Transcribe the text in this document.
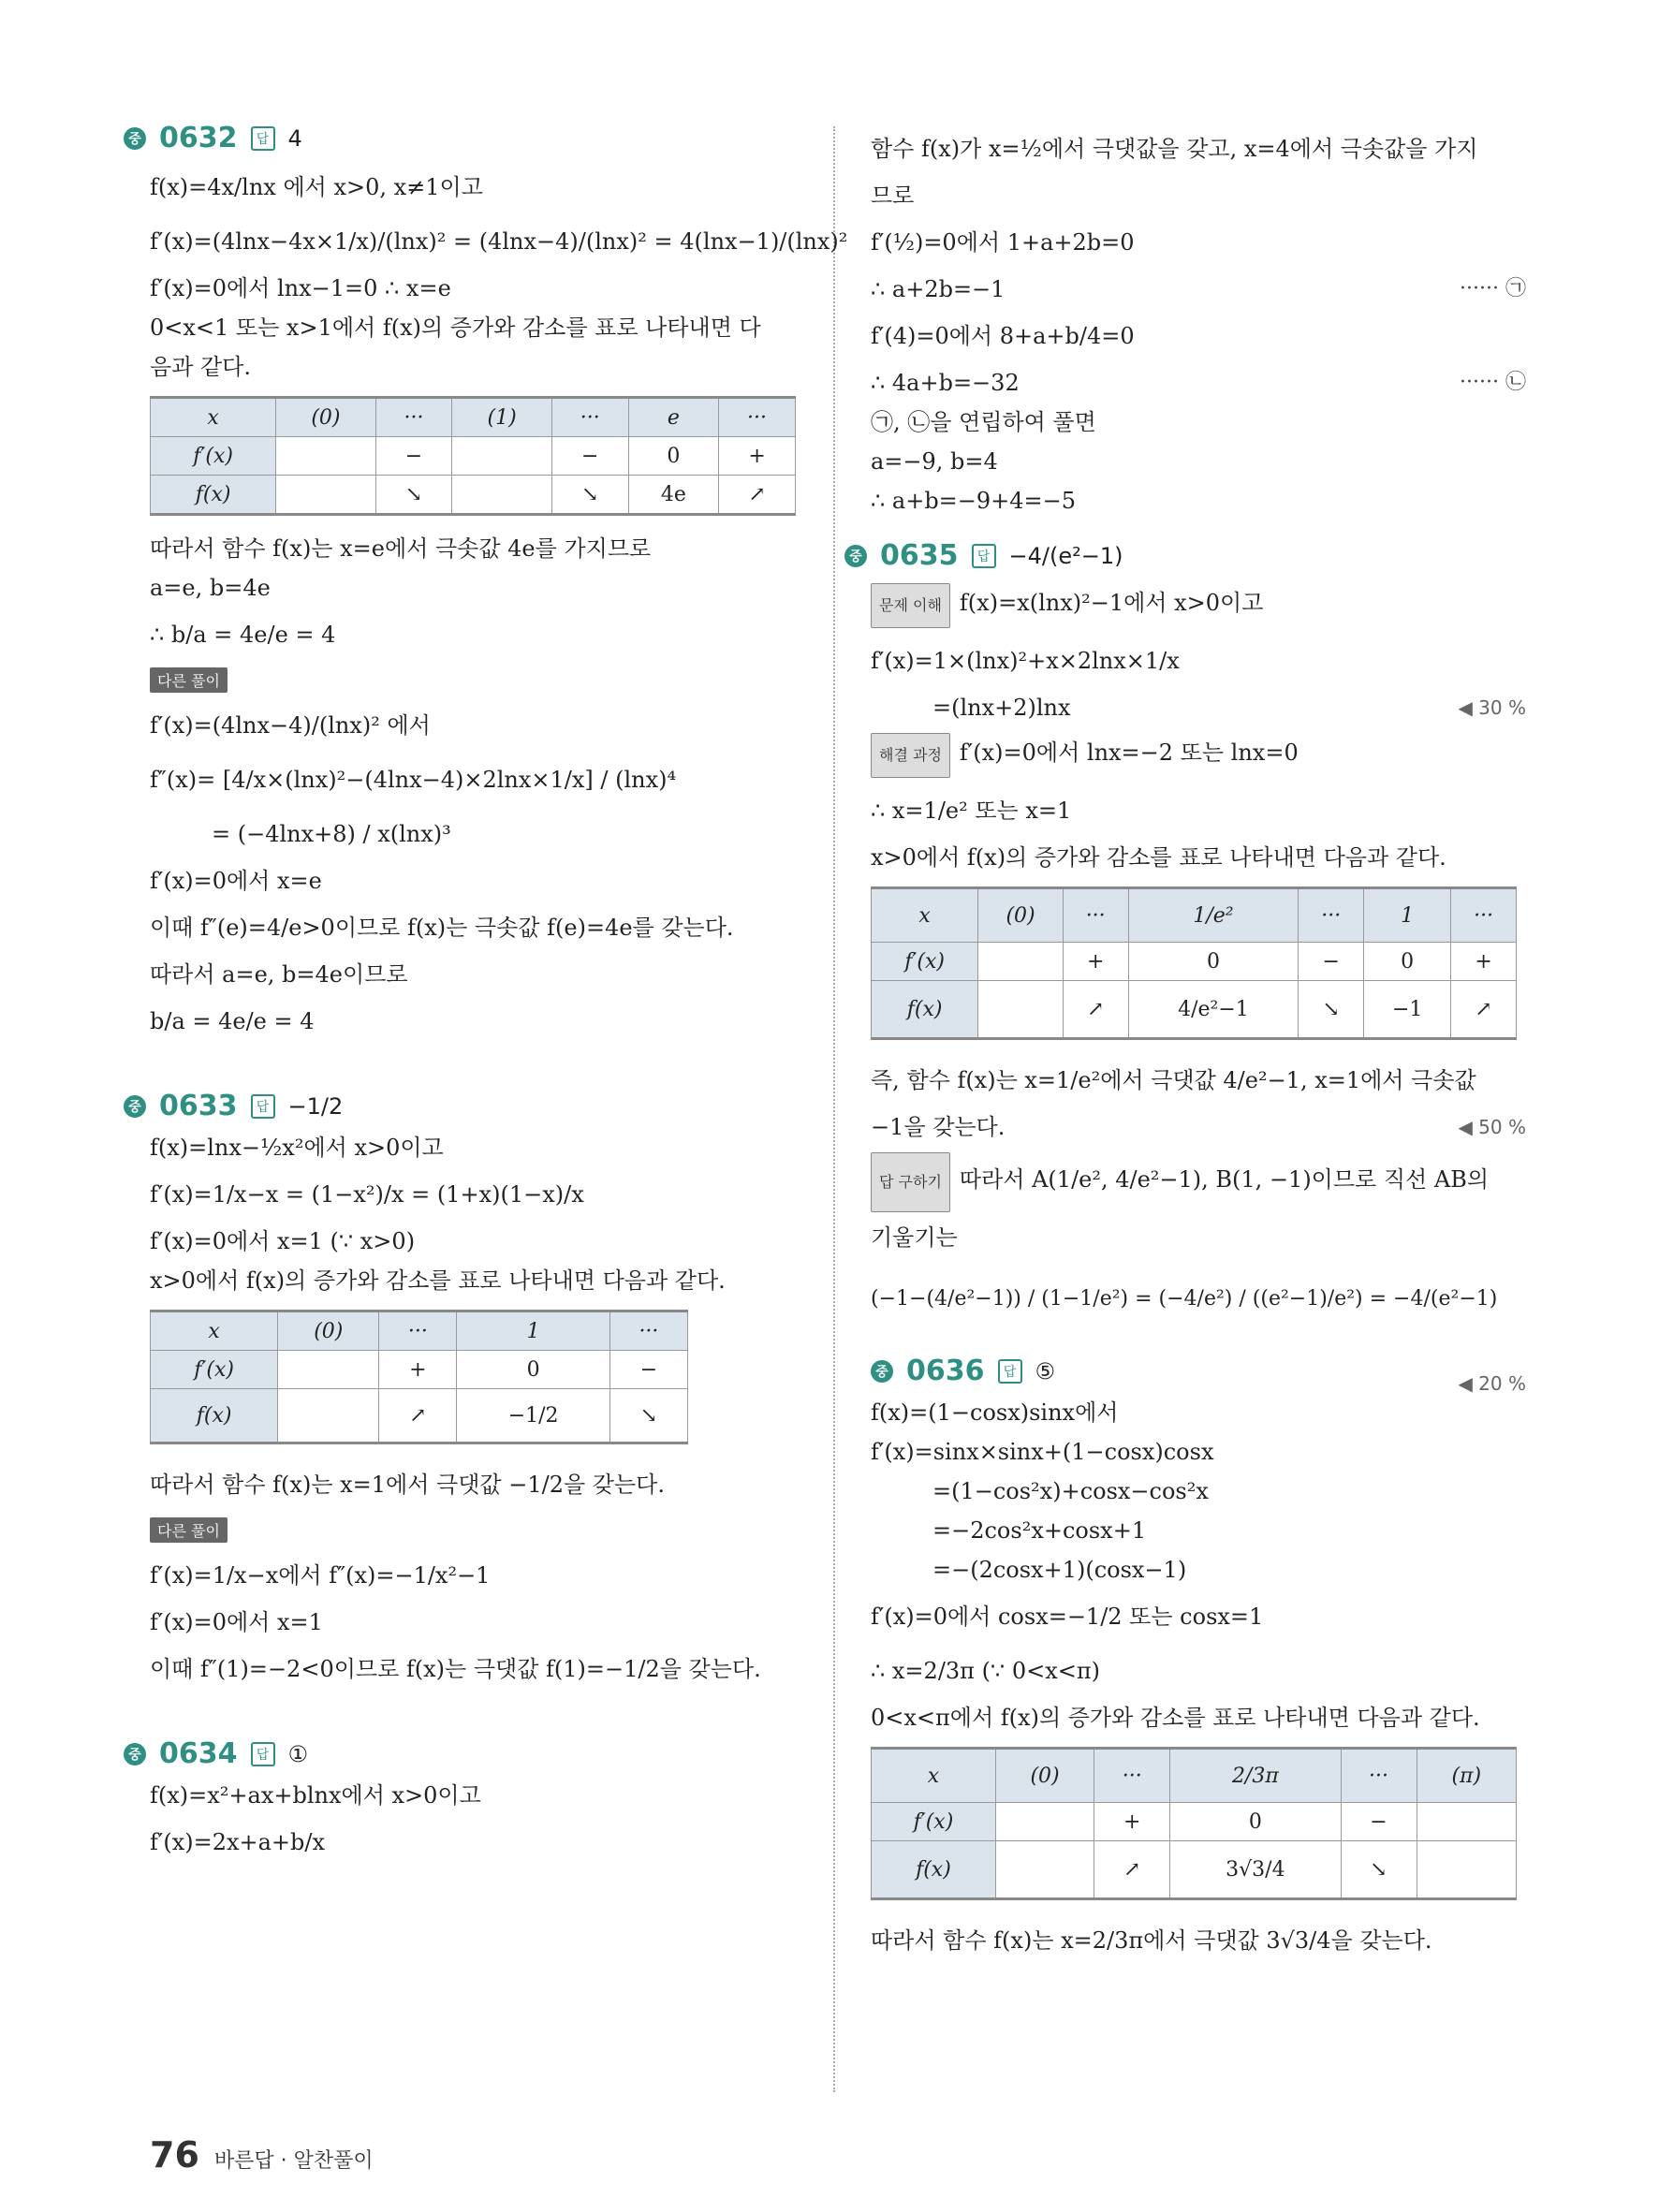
중 0632	답 4
f(x)=4x/lnx 에서 x>0, x≠1이고
f′(x)=(4lnx−4x×1/x)/(lnx)² = (4lnx−4)/(lnx)² = 4(lnx−1)/(lnx)²
f′(x)=0에서 lnx−1=0 ∴ x=e
0<x<1 또는 x>1에서 f(x)의 증가와 감소를 표로 나타내면 다
음과 같다.
x	(0)	···	(1)	···	e	···
f′(x)		−		−	0	+
f(x)		↘		↘	4e	↗
따라서 함수 f(x)는 x=e에서 극솟값 4e를 가지므로
a=e, b=4e
∴ b/a = 4e/e = 4
다른 풀이
f′(x)=(4lnx−4)/(lnx)² 에서
f″(x)= [4/x×(lnx)²−(4lnx−4)×2lnx×1/x] / (lnx)⁴
= (−4lnx+8) / x(lnx)³
f′(x)=0에서 x=e
이때 f″(e)=4/e>0이므로 f(x)는 극솟값 f(e)=4e를 갖는다.
따라서 a=e, b=4e이므로
b/a = 4e/e = 4
중 0633	답 −1/2
f(x)=lnx−½x²에서 x>0이고
f′(x)=1/x−x = (1−x²)/x = (1+x)(1−x)/x
f′(x)=0에서 x=1 (∵ x>0)
x>0에서 f(x)의 증가와 감소를 표로 나타내면 다음과 같다.
x	(0)	···	1	···
f′(x)		+	0	−
f(x)		↗	−1/2	↘
따라서 함수 f(x)는 x=1에서 극댓값 −1/2을 갖는다.
다른 풀이
f′(x)=1/x−x에서 f″(x)=−1/x²−1
f′(x)=0에서 x=1
이때 f″(1)=−2<0이므로 f(x)는 극댓값 f(1)=−1/2을 갖는다.
중 0634	답 ①
f(x)=x²+ax+blnx에서 x>0이고
f′(x)=2x+a+b/x
함수 f(x)가 x=½에서 극댓값을 갖고, x=4에서 극솟값을 가지
므로
f′(½)=0에서 1+a+2b=0
∴ a+2b=−1	······ ㉠
f′(4)=0에서 8+a+b/4=0
∴ 4a+b=−32	······ ㉡
㉠, ㉡을 연립하여 풀면
a=−9, b=4
∴ a+b=−9+4=−5
중 0635	답 −4/(e²−1)
문제 이해 f(x)=x(lnx)²−1에서 x>0이고
f′(x)=1×(lnx)²+x×2lnx×1/x
=(lnx+2)lnx	◀ 30 %
해결 과정 f′(x)=0에서 lnx=−2 또는 lnx=0
∴ x=1/e² 또는 x=1
x>0에서 f(x)의 증가와 감소를 표로 나타내면 다음과 같다.
x	(0)	···	1/e²	···	1	···
f′(x)		+	0	−	0	+
f(x)		↗	4/e²−1	↘	−1	↗
즉, 함수 f(x)는 x=1/e²에서 극댓값 4/e²−1, x=1에서 극솟값
−1을 갖는다.	◀ 50 %
답 구하기 따라서 A(1/e², 4/e²−1), B(1, −1)이므로 직선 AB의
기울기는
(−1−(4/e²−1)) / (1−1/e²) = (−4/e²) / ((e²−1)/e²) = −4/(e²−1)
◀ 20 %
중 0636	답 ⑤
f(x)=(1−cosx)sinx에서
f′(x)=sinx×sinx+(1−cosx)cosx
=(1−cos²x)+cosx−cos²x
=−2cos²x+cosx+1
=−(2cosx+1)(cosx−1)
f′(x)=0에서 cosx=−1/2 또는 cosx=1
∴ x=2/3π (∵ 0<x<π)
0<x<π에서 f(x)의 증가와 감소를 표로 나타내면 다음과 같다.
x	(0)	···	2/3π	···	(π)
f′(x)		+	0	−	
f(x)		↗	3√3/4	↘	
따라서 함수 f(x)는 x=2/3π에서 극댓값 3√3/4을 갖는다.
76 바른답 · 알찬풀이
